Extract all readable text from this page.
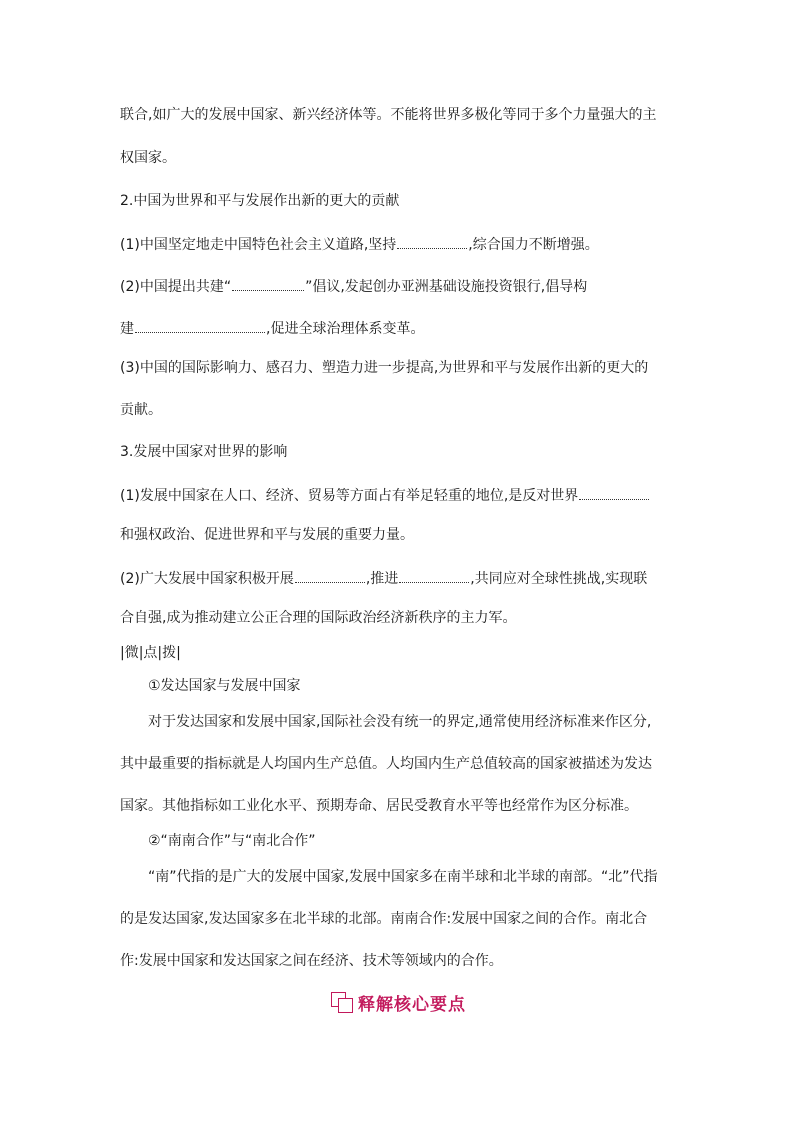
联合,如广大的发展中国家、新兴经济体等。不能将世界多极化等同于多个力量强大的主
权国家。
2.中国为世界和平与发展作出新的更大的贡献
(1)中国坚定地走中国特色社会主义道路,坚持	,综合国力不断增强。
(2)中国提出共建“	”倡议,发起创办亚洲基础设施投资银行,倡导构
建	,促进全球治理体系变革。
(3)中国的国际影响力、感召力、塑造力进一步提高,为世界和平与发展作出新的更大的
贡献。
3.发展中国家对世界的影响
(1)发展中国家在人口、经济、贸易等方面占有举足轻重的地位,是反对世界
和强权政治、促进世界和平与发展的重要力量。
(2)广大发展中国家积极开展	,推进	,共同应对全球性挑战,实现联
合自强,成为推动建立公正合理的国际政治经济新秩序的主力军。
|微|点|拨|
①发达国家与发展中国家
对于发达国家和发展中国家,国际社会没有统一的界定,通常使用经济标准来作区分,
其中最重要的指标就是人均国内生产总值。人均国内生产总值较高的国家被描述为发达
国家。其他指标如工业化水平、预期寿命、居民受教育水平等也经常作为区分标准。
②“南南合作”与“南北合作”
“南”代指的是广大的发展中国家,发展中国家多在南半球和北半球的南部。“北”代指
的是发达国家,发达国家多在北半球的北部。南南合作:发展中国家之间的合作。南北合
作:发展中国家和发达国家之间在经济、技术等领域内的合作。
释解核心要点
